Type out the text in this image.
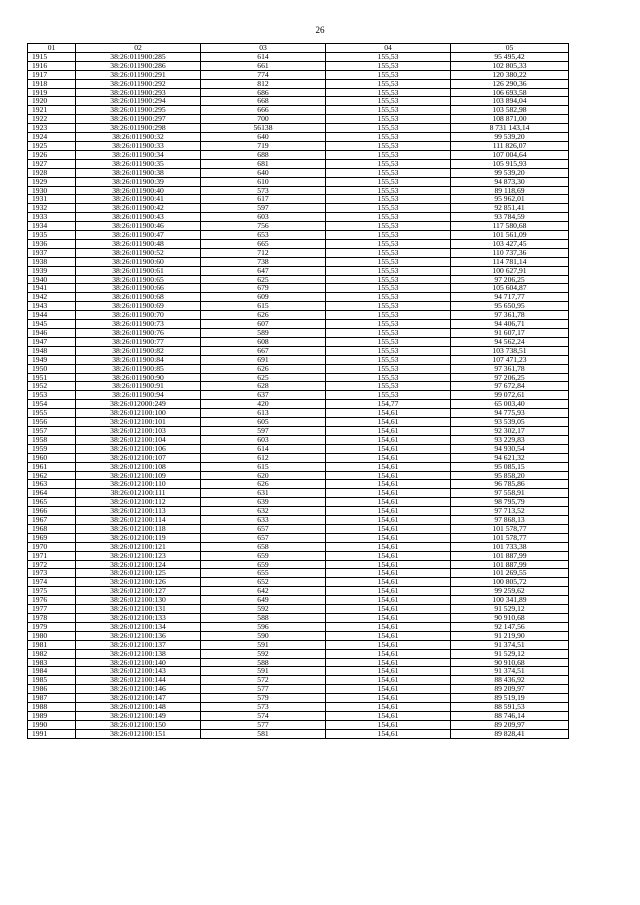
26
01	02	03	04	05
1915	38:26:011900:285	614	155,53	95 495,42
1916	38:26:011900:286	661	155,53	102 805,33
1917	38:26:011900:291	774	155,53	120 380,22
1918	38:26:011900:292	812	155,53	126 290,36
1919	38:26:011900:293	686	155,53	106 693,58
1920	38:26:011900:294	668	155,53	103 894,04
1921	38:26:011900:295	666	155,53	103 582,98
1922	38:26:011900:297	700	155,53	108 871,00
1923	38:26:011900:298	56138	155,53	8 731 143,14
1924	38:26:011900:32	640	155,53	99 539,20
1925	38:26:011900:33	719	155,53	111 826,07
1926	38:26:011900:34	688	155,53	107 004,64
1927	38:26:011900:35	681	155,53	105 915,93
1928	38:26:011900:38	640	155,53	99 539,20
1929	38:26:011900:39	610	155,53	94 873,30
1930	38:26:011900:40	573	155,53	89 118,69
1931	38:26:011900:41	617	155,53	95 962,01
1932	38:26:011900:42	597	155,53	92 851,41
1933	38:26:011900:43	603	155,53	93 784,59
1934	38:26:011900:46	756	155,53	117 580,68
1935	38:26:011900:47	653	155,53	101 561,09
1936	38:26:011900:48	665	155,53	103 427,45
1937	38:26:011900:52	712	155,53	110 737,36
1938	38:26:011900:60	738	155,53	114 781,14
1939	38:26:011900:61	647	155,53	100 627,91
1940	38:26:011900:65	625	155,53	97 206,25
1941	38:26:011900:66	679	155,53	105 604,87
1942	38:26:011900:68	609	155,53	94 717,77
1943	38:26:011900:69	615	155,53	95 650,95
1944	38:26:011900:70	626	155,53	97 361,78
1945	38:26:011900:73	607	155,53	94 406,71
1946	38:26:011900:76	589	155,53	91 607,17
1947	38:26:011900:77	608	155,53	94 562,24
1948	38:26:011900:82	667	155,53	103 738,51
1949	38:26:011900:84	691	155,53	107 471,23
1950	38:26:011900:85	626	155,53	97 361,78
1951	38:26:011900:90	625	155,53	97 206,25
1952	38:26:011900:91	628	155,53	97 672,84
1953	38:26:011900:94	637	155,53	99 072,61
1954	38:26:012000:249	420	154,77	65 003,40
1955	38:26:012100:100	613	154,61	94 775,93
1956	38:26:012100:101	605	154,61	93 539,05
1957	38:26:012100:103	597	154,61	92 302,17
1958	38:26:012100:104	603	154,61	93 229,83
1959	38:26:012100:106	614	154,61	94 930,54
1960	38:26:012100:107	612	154,61	94 621,32
1961	38:26:012100:108	615	154,61	95 085,15
1962	38:26:012100:109	620	154,61	95 858,20
1963	38:26:012100:110	626	154,61	96 785,86
1964	38:26:012100:111	631	154,61	97 558,91
1965	38:26:012100:112	639	154,61	98 795,79
1966	38:26:012100:113	632	154,61	97 713,52
1967	38:26:012100:114	633	154,61	97 868,13
1968	38:26:012100:118	657	154,61	101 578,77
1969	38:26:012100:119	657	154,61	101 578,77
1970	38:26:012100:121	658	154,61	101 733,38
1971	38:26:012100:123	659	154,61	101 887,99
1972	38:26:012100:124	659	154,61	101 887,99
1973	38:26:012100:125	655	154,61	101 269,55
1974	38:26:012100:126	652	154,61	100 805,72
1975	38:26:012100:127	642	154,61	99 259,62
1976	38:26:012100:130	649	154,61	100 341,89
1977	38:26:012100:131	592	154,61	91 529,12
1978	38:26:012100:133	588	154,61	90 910,68
1979	38:26:012100:134	596	154,61	92 147,56
1980	38:26:012100:136	590	154,61	91 219,90
1981	38:26:012100:137	591	154,61	91 374,51
1982	38:26:012100:138	592	154,61	91 529,12
1983	38:26:012100:140	588	154,61	90 910,68
1984	38:26:012100:143	591	154,61	91 374,51
1985	38:26:012100:144	572	154,61	88 436,92
1986	38:26:012100:146	577	154,61	89 209,97
1987	38:26:012100:147	579	154,61	89 519,19
1988	38:26:012100:148	573	154,61	88 591,53
1989	38:26:012100:149	574	154,61	88 746,14
1990	38:26:012100:150	577	154,61	89 209,97
1991	38:26:012100:151	581	154,61	89 828,41
